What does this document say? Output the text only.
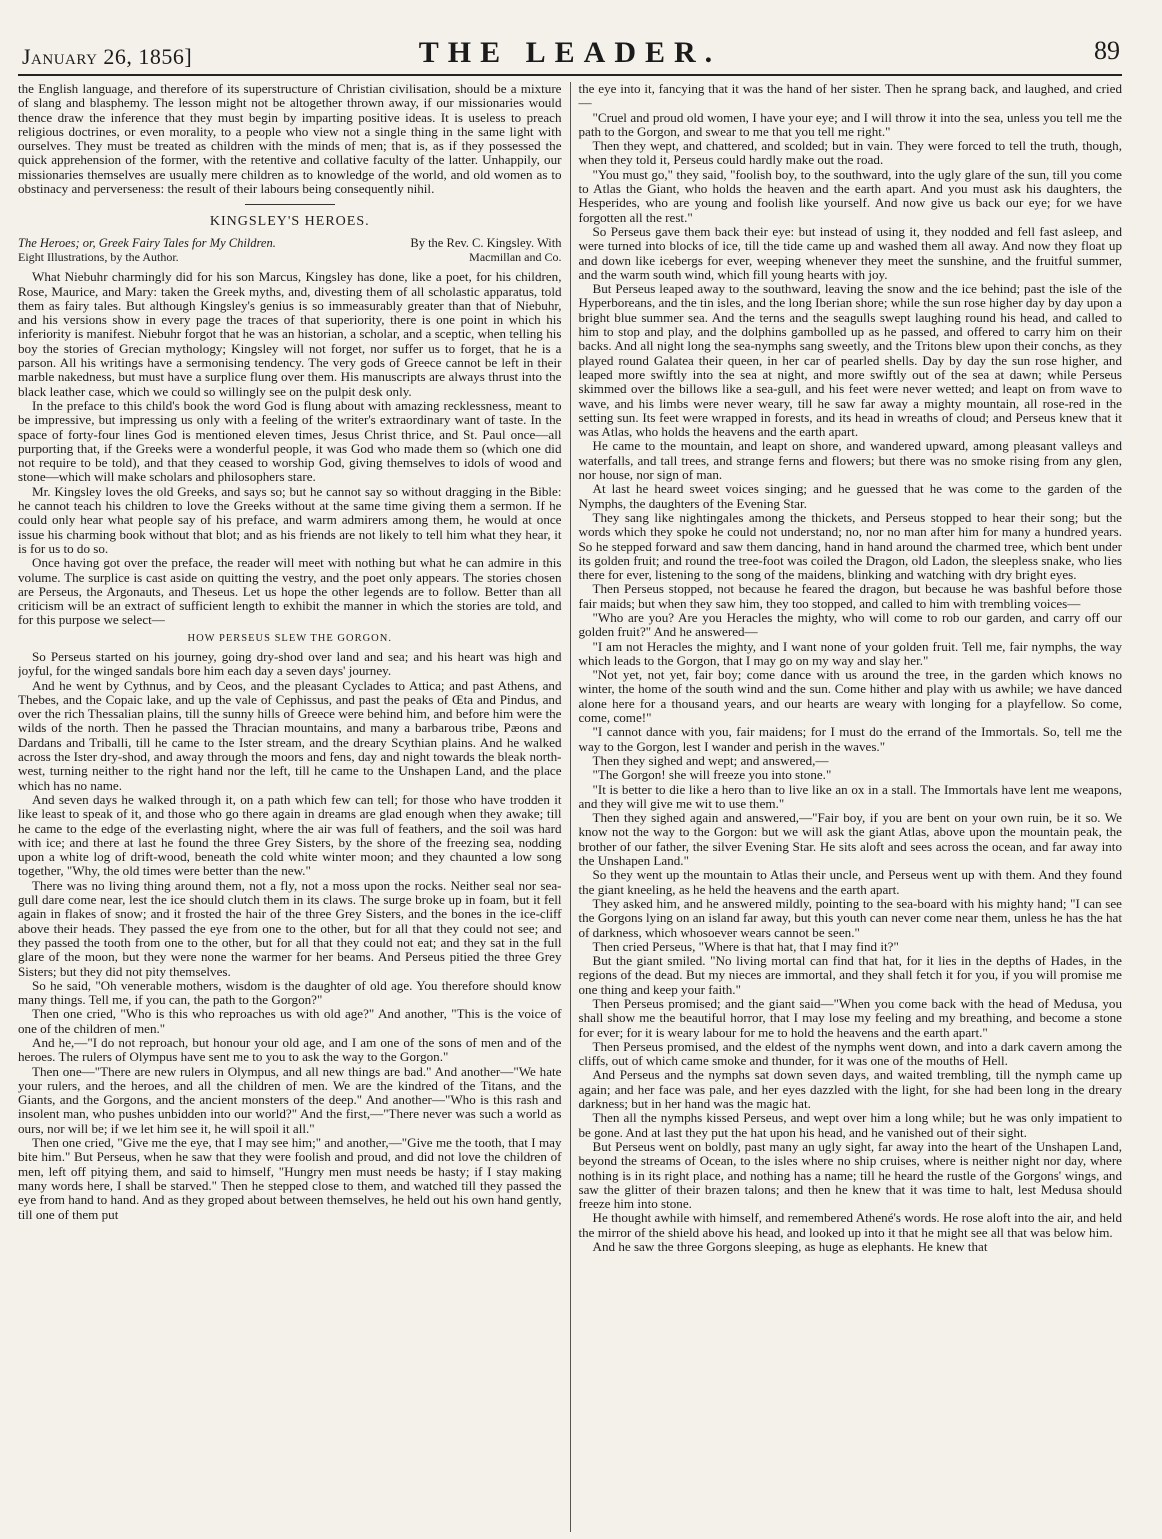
January 26, 1856]	THE LEADER.	89

the English language, and therefore of its superstructure of Christian civilisation, should be a mixture of slang and blasphemy. The lesson might not be altogether thrown away, if our missionaries would thence draw the inference that they must begin by imparting positive ideas. It is useless to preach religious doctrines, or even morality, to a people who view not a single thing in the same light with ourselves. They must be treated as children with the minds of men; that is, as if they possessed the quick apprehension of the former, with the retentive and collative faculty of the latter. Unhappily, our missionaries themselves are usually mere children as to knowledge of the world, and old women as to obstinacy and perverseness: the result of their labours being consequently nihil.

KINGSLEY'S HEROES.
The Heroes; or, Greek Fairy Tales for My Children.	By the Rev. C. Kingsley. With
Eight Illustrations, by the Author.	Macmillan and Co.

What Niebuhr charmingly did for his son Marcus, Kingsley has done, like a poet, for his children, Rose, Maurice, and Mary: taken the Greek myths, and, divesting them of all scholastic apparatus, told them as fairy tales. But although Kingsley's genius is so immeasurably greater than that of Niebuhr, and his versions show in every page the traces of that superiority, there is one point in which his inferiority is manifest. Niebuhr forgot that he was an historian, a scholar, and a sceptic, when telling his boy the stories of Grecian mythology; Kingsley will not forget, nor suffer us to forget, that he is a parson. All his writings have a sermonising tendency. The very gods of Greece cannot be left in their marble nakedness, but must have a surplice flung over them. His manuscripts are always thrust into the black leather case, which we could so willingly see on the pulpit desk only.

In the preface to this child's book the word God is flung about with amazing recklessness, meant to be impressive, but impressing us only with a feeling of the writer's extraordinary want of taste. In the space of forty-four lines God is mentioned eleven times, Jesus Christ thrice, and St. Paul once—all purporting that, if the Greeks were a wonderful people, it was God who made them so (which one did not require to be told), and that they ceased to worship God, giving themselves to idols of wood and stone—which will make scholars and philosophers stare.

Mr. Kingsley loves the old Greeks, and says so; but he cannot say so without dragging in the Bible: he cannot teach his children to love the Greeks without at the same time giving them a sermon. If he could only hear what people say of his preface, and warm admirers among them, he would at once issue his charming book without that blot; and as his friends are not likely to tell him what they hear, it is for us to do so.

Once having got over the preface, the reader will meet with nothing but what he can admire in this volume. The surplice is cast aside on quitting the vestry, and the poet only appears. The stories chosen are Perseus, the Argonauts, and Theseus. Let us hope the other legends are to follow. Better than all criticism will be an extract of sufficient length to exhibit the manner in which the stories are told, and for this purpose we select—

HOW PERSEUS SLEW THE GORGON.

So Perseus started on his journey, going dry-shod over land and sea; and his heart was high and joyful, for the winged sandals bore him each day a seven days' journey.

And he went by Cythnus, and by Ceos, and the pleasant Cyclades to Attica; and past Athens, and Thebes, and the Copaic lake, and up the vale of Cephissus, and past the peaks of Œta and Pindus, and over the rich Thessalian plains, till the sunny hills of Greece were behind him, and before him were the wilds of the north. Then he passed the Thracian mountains, and many a barbarous tribe, Pæons and Dardans and Triballi, till he came to the Ister stream, and the dreary Scythian plains. And he walked across the Ister dry-shod, and away through the moors and fens, day and night towards the bleak north-west, turning neither to the right hand nor the left, till he came to the Unshapen Land, and the place which has no name.

And seven days he walked through it, on a path which few can tell; for those who have trodden it like least to speak of it, and those who go there again in dreams are glad enough when they awake; till he came to the edge of the everlasting night, where the air was full of feathers, and the soil was hard with ice; and there at last he found the three Grey Sisters, by the shore of the freezing sea, nodding upon a white log of drift-wood, beneath the cold white winter moon; and they chaunted a low song together, "Why, the old times were better than the new."

There was no living thing around them, not a fly, not a moss upon the rocks. Neither seal nor sea-gull dare come near, lest the ice should clutch them in its claws. The surge broke up in foam, but it fell again in flakes of snow; and it frosted the hair of the three Grey Sisters, and the bones in the ice-cliff above their heads. They passed the eye from one to the other, but for all that they could not see; and they passed the tooth from one to the other, but for all that they could not eat; and they sat in the full glare of the moon, but they were none the warmer for her beams. And Perseus pitied the three Grey Sisters; but they did not pity themselves.

So he said, "Oh venerable mothers, wisdom is the daughter of old age. You therefore should know many things. Tell me, if you can, the path to the Gorgon?"

Then one cried, "Who is this who reproaches us with old age?" And another, "This is the voice of one of the children of men."

And he,—"I do not reproach, but honour your old age, and I am one of the sons of men and of the heroes. The rulers of Olympus have sent me to you to ask the way to the Gorgon."

Then one—"There are new rulers in Olympus, and all new things are bad." And another—"We hate your rulers, and the heroes, and all the children of men. We are the kindred of the Titans, and the Giants, and the Gorgons, and the ancient monsters of the deep." And another—"Who is this rash and insolent man, who pushes unbidden into our world?" And the first,—"There never was such a world as ours, nor will be; if we let him see it, he will spoil it all."

Then one cried, "Give me the eye, that I may see him;" and another,—"Give me the tooth, that I may bite him." But Perseus, when he saw that they were foolish and proud, and did not love the children of men, left off pitying them, and said to himself, "Hungry men must needs be hasty; if I stay making many words here, I shall be starved." Then he stepped close to them, and watched till they passed the eye from hand to hand. And as they groped about between themselves, he held out his own hand gently, till one of them put

the eye into it, fancying that it was the hand of her sister. Then he sprang back, and laughed, and cried—

"Cruel and proud old women, I have your eye; and I will throw it into the sea, unless you tell me the path to the Gorgon, and swear to me that you tell me right."

Then they wept, and chattered, and scolded; but in vain. They were forced to tell the truth, though, when they told it, Perseus could hardly make out the road.

"You must go," they said, "foolish boy, to the southward, into the ugly glare of the sun, till you come to Atlas the Giant, who holds the heaven and the earth apart. And you must ask his daughters, the Hesperides, who are young and foolish like yourself. And now give us back our eye; for we have forgotten all the rest."

So Perseus gave them back their eye: but instead of using it, they nodded and fell fast asleep, and were turned into blocks of ice, till the tide came up and washed them all away. And now they float up and down like icebergs for ever, weeping whenever they meet the sunshine, and the fruitful summer, and the warm south wind, which fill young hearts with joy.

But Perseus leaped away to the southward, leaving the snow and the ice behind; past the isle of the Hyperboreans, and the tin isles, and the long Iberian shore; while the sun rose higher day by day upon a bright blue summer sea. And the terns and the seagulls swept laughing round his head, and called to him to stop and play, and the dolphins gambolled up as he passed, and offered to carry him on their backs. And all night long the sea-nymphs sang sweetly, and the Tritons blew upon their conchs, as they played round Galatea their queen, in her car of pearled shells. Day by day the sun rose higher, and leaped more swiftly into the sea at night, and more swiftly out of the sea at dawn; while Perseus skimmed over the billows like a sea-gull, and his feet were never wetted; and leapt on from wave to wave, and his limbs were never weary, till he saw far away a mighty mountain, all rose-red in the setting sun. Its feet were wrapped in forests, and its head in wreaths of cloud; and Perseus knew that it was Atlas, who holds the heavens and the earth apart.

He came to the mountain, and leapt on shore, and wandered upward, among pleasant valleys and waterfalls, and tall trees, and strange ferns and flowers; but there was no smoke rising from any glen, nor house, nor sign of man.

At last he heard sweet voices singing; and he guessed that he was come to the garden of the Nymphs, the daughters of the Evening Star.

They sang like nightingales among the thickets, and Perseus stopped to hear their song; but the words which they spoke he could not understand; no, nor no man after him for many a hundred years. So he stepped forward and saw them dancing, hand in hand around the charmed tree, which bent under its golden fruit; and round the tree-foot was coiled the Dragon, old Ladon, the sleepless snake, who lies there for ever, listening to the song of the maidens, blinking and watching with dry bright eyes.

Then Perseus stopped, not because he feared the dragon, but because he was bashful before those fair maids; but when they saw him, they too stopped, and called to him with trembling voices—

"Who are you? Are you Heracles the mighty, who will come to rob our garden, and carry off our golden fruit?" And he answered—

"I am not Heracles the mighty, and I want none of your golden fruit. Tell me, fair nymphs, the way which leads to the Gorgon, that I may go on my way and slay her."

"Not yet, not yet, fair boy; come dance with us around the tree, in the garden which knows no winter, the home of the south wind and the sun. Come hither and play with us awhile; we have danced alone here for a thousand years, and our hearts are weary with longing for a playfellow. So come, come, come!"

"I cannot dance with you, fair maidens; for I must do the errand of the Immortals. So, tell me the way to the Gorgon, lest I wander and perish in the waves."

Then they sighed and wept; and answered,—

"The Gorgon! she will freeze you into stone."

"It is better to die like a hero than to live like an ox in a stall. The Immortals have lent me weapons, and they will give me wit to use them."

Then they sighed again and answered,—"Fair boy, if you are bent on your own ruin, be it so. We know not the way to the Gorgon: but we will ask the giant Atlas, above upon the mountain peak, the brother of our father, the silver Evening Star. He sits aloft and sees across the ocean, and far away into the Unshapen Land."

So they went up the mountain to Atlas their uncle, and Perseus went up with them. And they found the giant kneeling, as he held the heavens and the earth apart.

They asked him, and he answered mildly, pointing to the sea-board with his mighty hand; "I can see the Gorgons lying on an island far away, but this youth can never come near them, unless he has the hat of darkness, which whosoever wears cannot be seen."

Then cried Perseus, "Where is that hat, that I may find it?"

But the giant smiled. "No living mortal can find that hat, for it lies in the depths of Hades, in the regions of the dead. But my nieces are immortal, and they shall fetch it for you, if you will promise me one thing and keep your faith."

Then Perseus promised; and the giant said—"When you come back with the head of Medusa, you shall show me the beautiful horror, that I may lose my feeling and my breathing, and become a stone for ever; for it is weary labour for me to hold the heavens and the earth apart."

Then Perseus promised, and the eldest of the nymphs went down, and into a dark cavern among the cliffs, out of which came smoke and thunder, for it was one of the mouths of Hell.

And Perseus and the nymphs sat down seven days, and waited trembling, till the nymph came up again; and her face was pale, and her eyes dazzled with the light, for she had been long in the dreary darkness; but in her hand was the magic hat.

Then all the nymphs kissed Perseus, and wept over him a long while; but he was only impatient to be gone. And at last they put the hat upon his head, and he vanished out of their sight.

But Perseus went on boldly, past many an ugly sight, far away into the heart of the Unshapen Land, beyond the streams of Ocean, to the isles where no ship cruises, where is neither night nor day, where nothing is in its right place, and nothing has a name; till he heard the rustle of the Gorgons' wings, and saw the glitter of their brazen talons; and then he knew that it was time to halt, lest Medusa should freeze him into stone.

He thought awhile with himself, and remembered Athené's words. He rose aloft into the air, and held the mirror of the shield above his head, and looked up into it that he might see all that was below him.

And he saw the three Gorgons sleeping, as huge as elephants. He knew that
